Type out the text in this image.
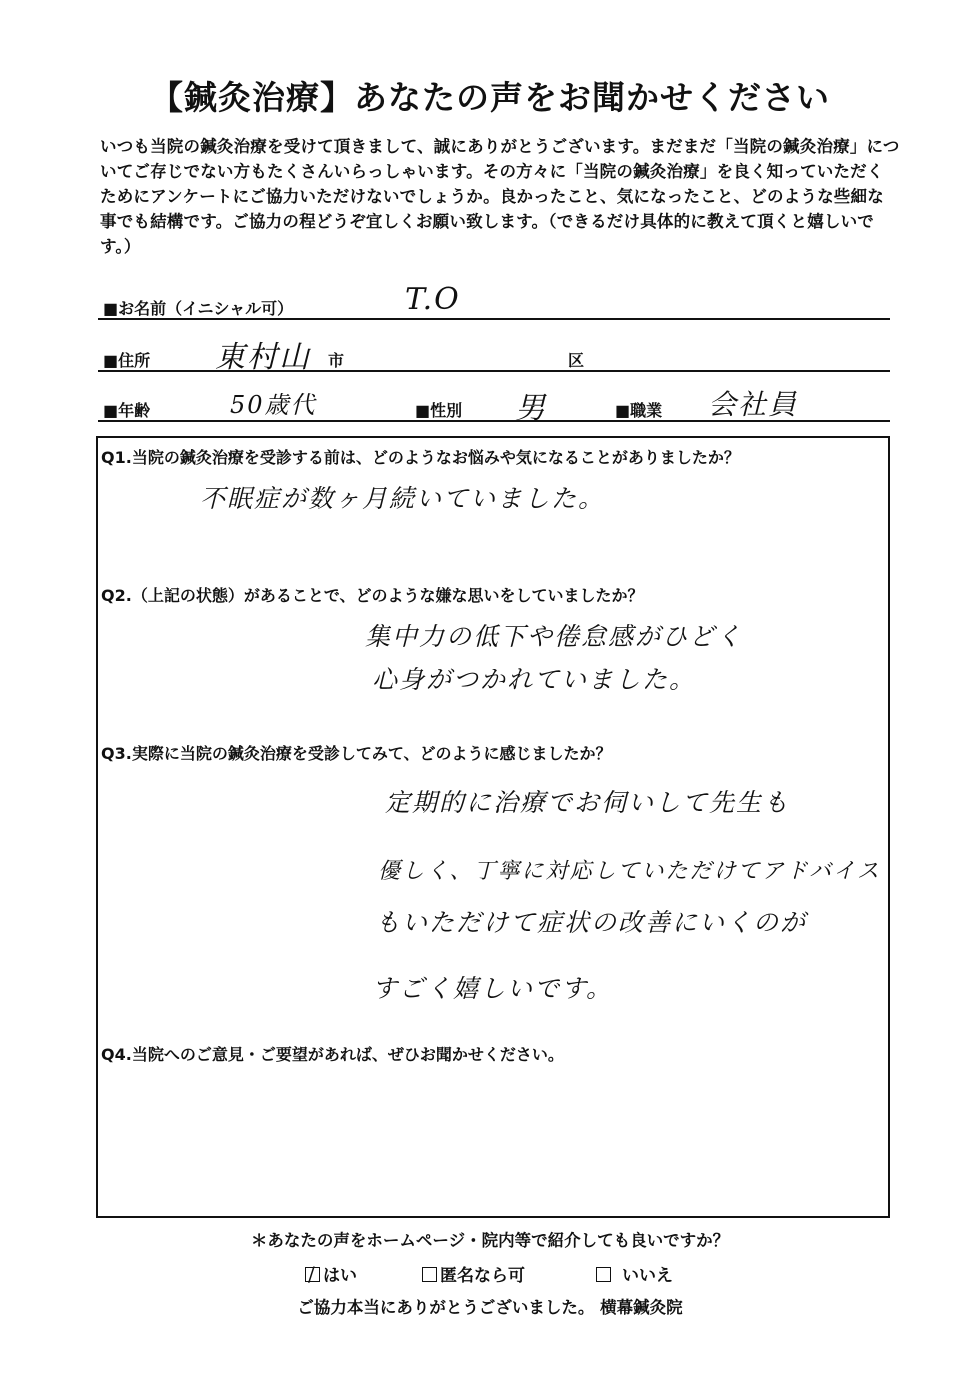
【鍼灸治療】あなたの声をお聞かせください
いつも当院の鍼灸治療を受けて頂きまして、誠にありがとうございます。まだまだ「当院の鍼灸治療」についてご存じでない方もたくさんいらっしゃいます。その方々に「当院の鍼灸治療」を良く知っていただくためにアンケートにご協力いただけないでしょうか。良かったこと、気になったこと、どのような些細な事でも結構です。ご協力の程どうぞ宜しくお願い致します。（できるだけ具体的に教えて頂くと嬉しいです。）
■お名前（イニシャル可）	T.O
■住所 東村山 市	区
■年齢	50歳代	■性別 男	■職業 会社員
Q1.当院の鍼灸治療を受診する前は、どのようなお悩みや気になることがありましたか？
不眠症が数ヶ月続いていました。
Q2.（上記の状態）があることで、どのような嫌な思いをしていましたか？
集中力の低下や倦怠感がひどく
心身がつかれていました。
Q3.実際に当院の鍼灸治療を受診してみて、どのように感じましたか？
定期的に治療でお伺いして先生も
優しく、丁寧に対応していただけてアドバイス
もいただけて症状の改善にいくのが
すごく嬉しいです。
Q4.当院へのご意見・ご要望があれば、ぜひお聞かせください。
＊あなたの声をホームページ・院内等で紹介しても良いですか？
/ はい	匿名なら可	いいえ
ご協力本当にありがとうございました。 横幕鍼灸院
